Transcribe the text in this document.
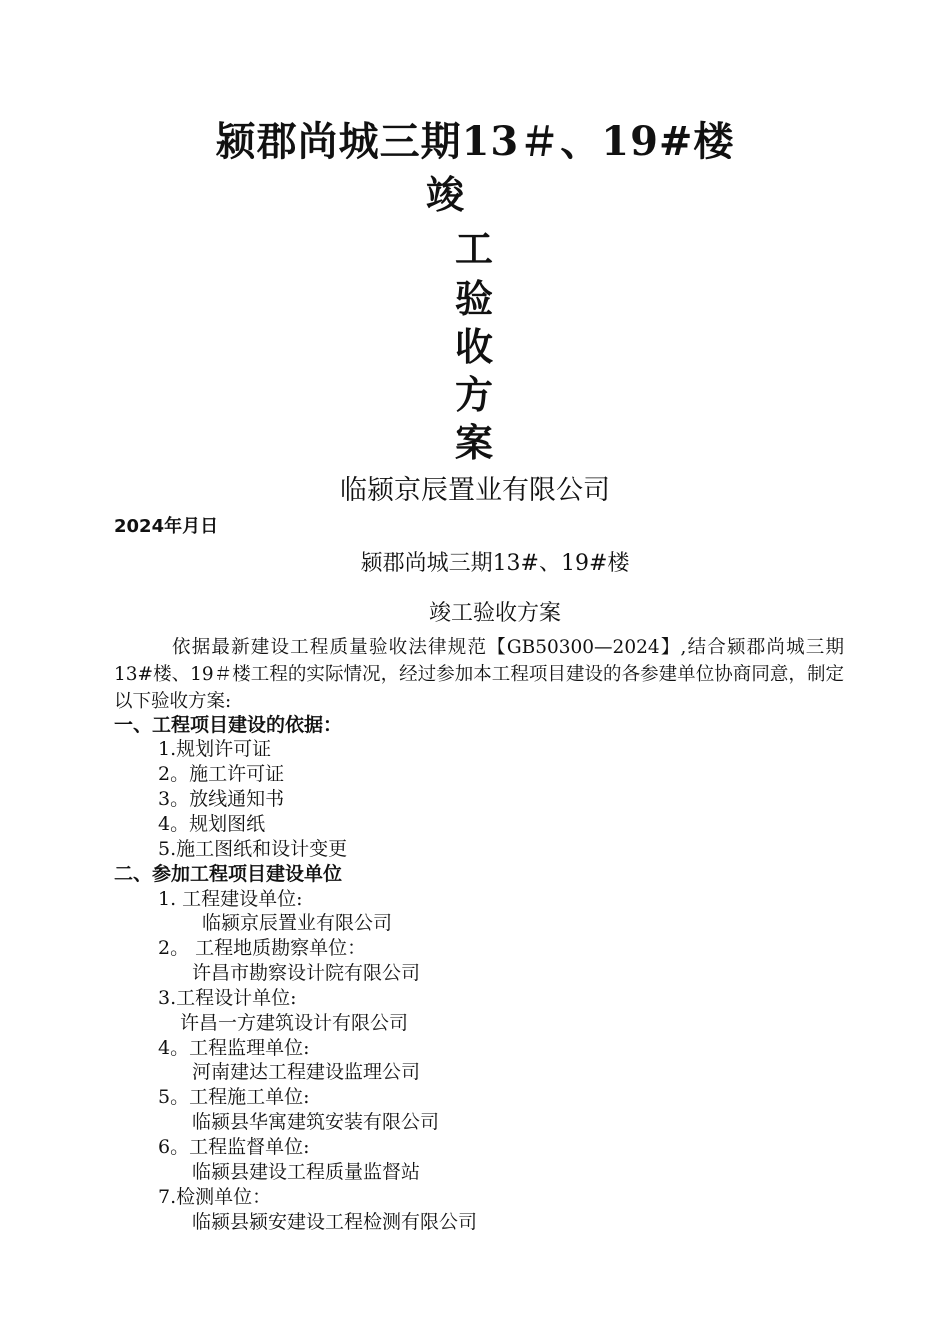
颍郡尚城三期13＃、19#楼
竣
工
验
收
方
案
临颍京辰置业有限公司
2024年月日
颍郡尚城三期13#、19#楼
竣工验收方案
依据最新建设工程质量验收法律规范【GB50300—2024】,结合颍郡尚城三期13#楼、19＃楼工程的实际情况，经过参加本工程项目建设的各参建单位协商同意，制定以下验收方案:
一、工程项目建设的依据：
1.规划许可证
2。施工许可证
3。放线通知书
4。规划图纸
5.施工图纸和设计变更
二、参加工程项目建设单位
1. 工程建设单位:
临颍京辰置业有限公司
2。 工程地质勘察单位：
许昌市勘察设计院有限公司
3.工程设计单位:
许昌一方建筑设计有限公司
4。工程监理单位:
河南建达工程建设监理公司
5。工程施工单位:
临颍县华寓建筑安装有限公司
6。工程监督单位:
临颍县建设工程质量监督站
7.检测单位：
临颍县颍安建设工程检测有限公司
